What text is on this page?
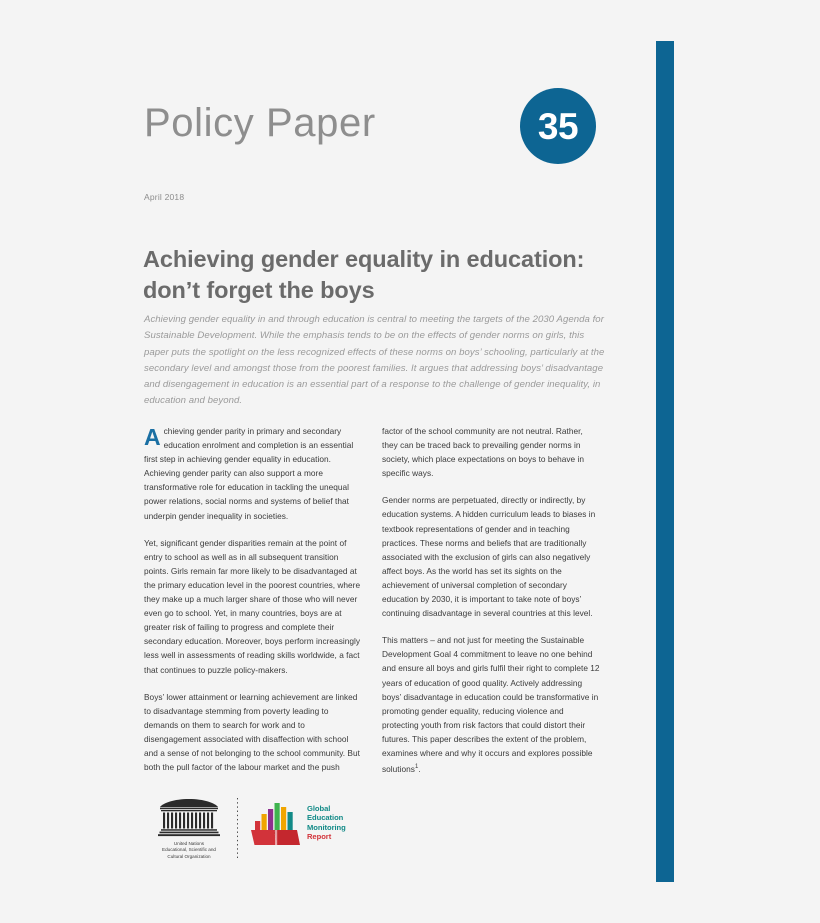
Policy Paper	35
April 2018
Achieving gender equality in education: don’t forget the boys
Achieving gender equality in and through education is central to meeting the targets of the 2030 Agenda for Sustainable Development. While the emphasis tends to be on the effects of gender norms on girls, this paper puts the spotlight on the less recognized effects of these norms on boys’ schooling, particularly at the secondary level and amongst those from the poorest families. It argues that addressing boys’ disadvantage and disengagement in education is an essential part of a response to the challenge of gender inequality, in education and beyond.

Achieving gender parity in primary and secondary education enrolment and completion is an essential first step in achieving gender equality in education. Achieving gender parity can also support a more transformative role for education in tackling the unequal power relations, social norms and systems of belief that underpin gender inequality in societies.

Yet, significant gender disparities remain at the point of entry to school as well as in all subsequent transition points. Girls remain far more likely to be disadvantaged at the primary education level in the poorest countries, where they make up a much larger share of those who will never even go to school. Yet, in many countries, boys are at greater risk of failing to progress and complete their secondary education. Moreover, boys perform increasingly less well in assessments of reading skills worldwide, a fact that continues to puzzle policy-makers.

Boys’ lower attainment or learning achievement are linked to disadvantage stemming from poverty leading to demands on them to search for work and to disengagement associated with disaffection with school and a sense of not belonging to the school community. But both the pull factor of the labour market and the push

factor of the school community are not neutral. Rather, they can be traced back to prevailing gender norms in society, which place expectations on boys to behave in specific ways.

Gender norms are perpetuated, directly or indirectly, by education systems. A hidden curriculum leads to biases in textbook representations of gender and in teaching practices. These norms and beliefs that are traditionally associated with the exclusion of girls can also negatively affect boys. As the world has set its sights on the achievement of universal completion of secondary education by 2030, it is important to take note of boys’ continuing disadvantage in several countries at this level.

This matters – and not just for meeting the Sustainable Development Goal 4 commitment to leave no one behind and ensure all boys and girls fulfil their right to complete 12 years of education of good quality. Actively addressing boys’ disadvantage in education could be transformative in promoting gender equality, reducing violence and protecting youth from risk factors that could distort their futures. This paper describes the extent of the problem, examines where and why it occurs and explores possible solutions$^1$.

United Nations
Educational, Scientific and
Cultural Organization
Global
Education
Monitoring
Report
